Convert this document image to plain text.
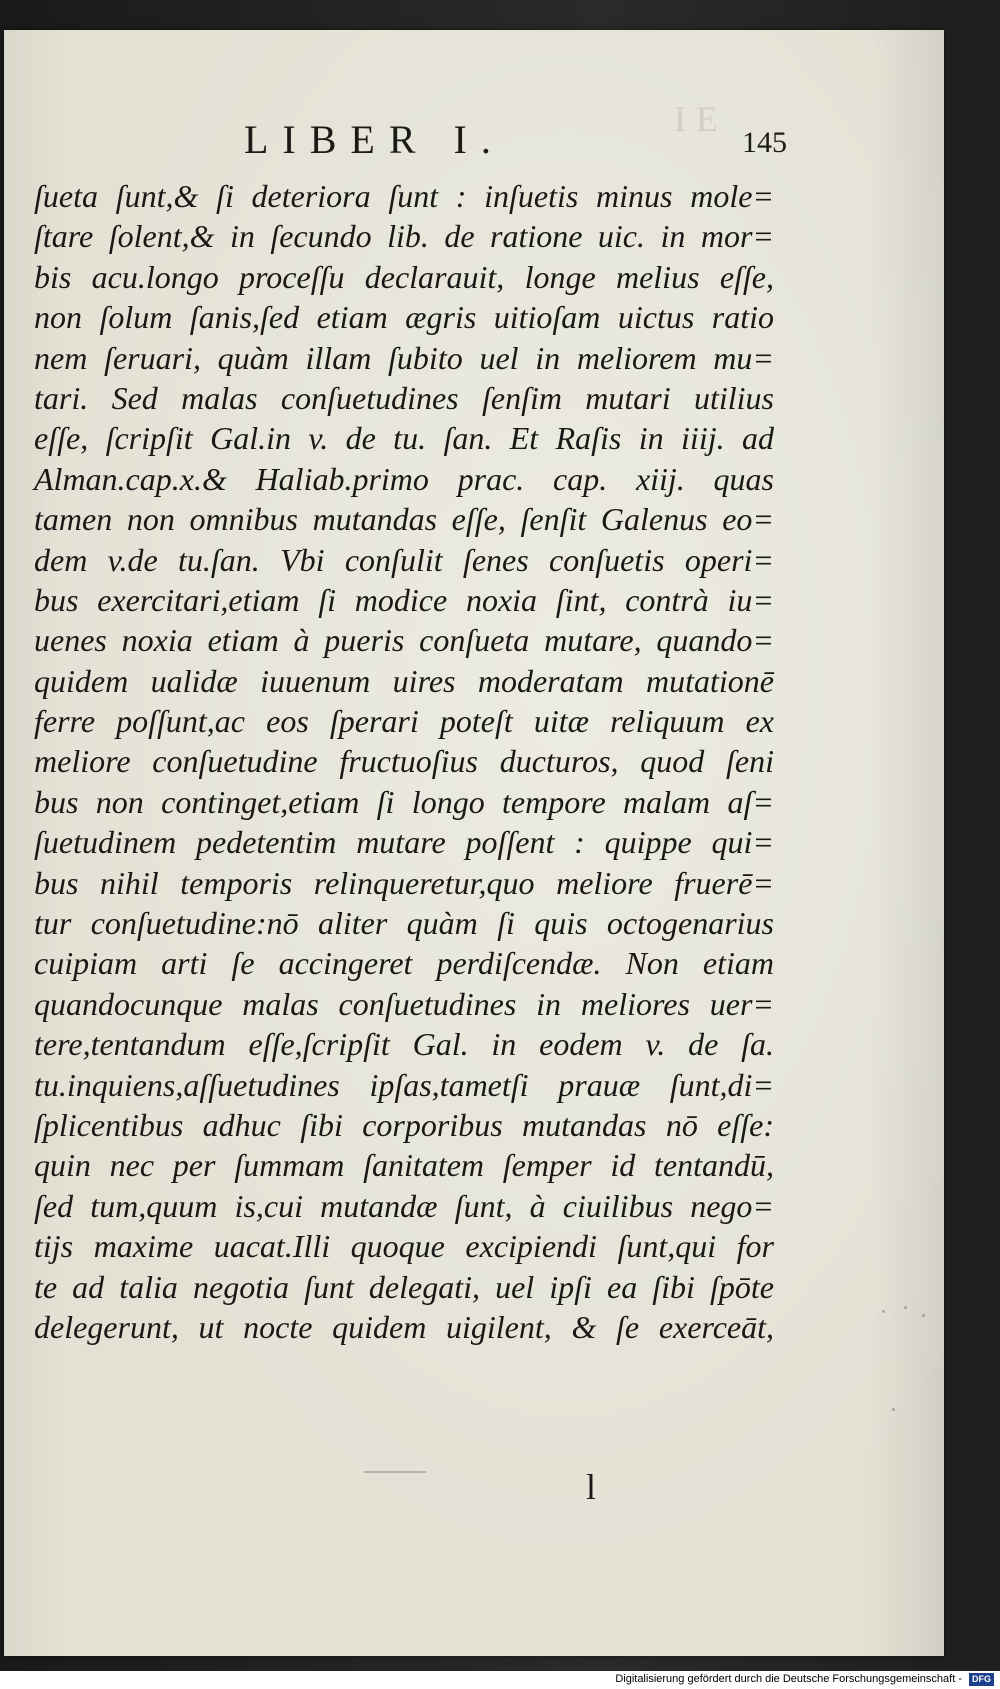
IE
LIBER I.	145
ſueta ſunt,& ſi deteriora ſunt : inſuetis minus mole=
ſtare ſolent,& in ſecundo lib. de ratione uic. in mor=
bis acu.longo proceſſu declarauit, longe melius eſſe,
non ſolum ſanis,ſed etiam ægris uitioſam uictus ratio
nem ſeruari, quàm illam ſubito uel in meliorem mu=
tari. Sed malas conſuetudines ſenſim mutari utilius
eſſe, ſcripſit Gal.in v. de tu. ſan. Et Raſis in iiij. ad
Alman.cap.x.& Haliab.primo prac. cap. xiij. quas
tamen non omnibus mutandas eſſe, ſenſit Galenus eo=
dem v.de tu.ſan. Vbi conſulit ſenes conſuetis operi=
bus exercitari,etiam ſi modice noxia ſint, contrà iu=
uenes noxia etiam à pueris conſueta mutare, quando=
quidem ualidæ iuuenum uires moderatam mutationē
ferre poſſunt,ac eos ſperari poteſt uitæ reliquum ex
meliore conſuetudine fructuoſius ducturos, quod ſeni
bus non continget,etiam ſi longo tempore malam aſ=
ſuetudinem pedetentim mutare poſſent : quippe qui=
bus nihil temporis relinqueretur,quo meliore fruerē=
tur conſuetudine:nō aliter quàm ſi quis octogenarius
cuipiam arti ſe accingeret perdiſcendæ. Non etiam
quandocunque malas conſuetudines in meliores uer=
tere,tentandum eſſe,ſcripſit Gal. in eodem v. de ſa.
tu.inquiens,aſſuetudines ipſas,tametſi prauæ ſunt,di=
ſplicentibus adhuc ſibi corporibus mutandas nō eſſe:
quin nec per ſummam ſanitatem ſemper id tentandū,
ſed tum,quum is,cui mutandæ ſunt, à ciuilibus nego=
tijs maxime uacat.Illi quoque excipiendi ſunt,qui for
te ad talia negotia ſunt delegati, uel ipſi ea ſibi ſpōte
delegerunt, ut nocte quidem uigilent, & ſe exerceāt,
l
Digitalisierung gefördert durch die Deutsche Forschungsgemeinschaft -	DFG
